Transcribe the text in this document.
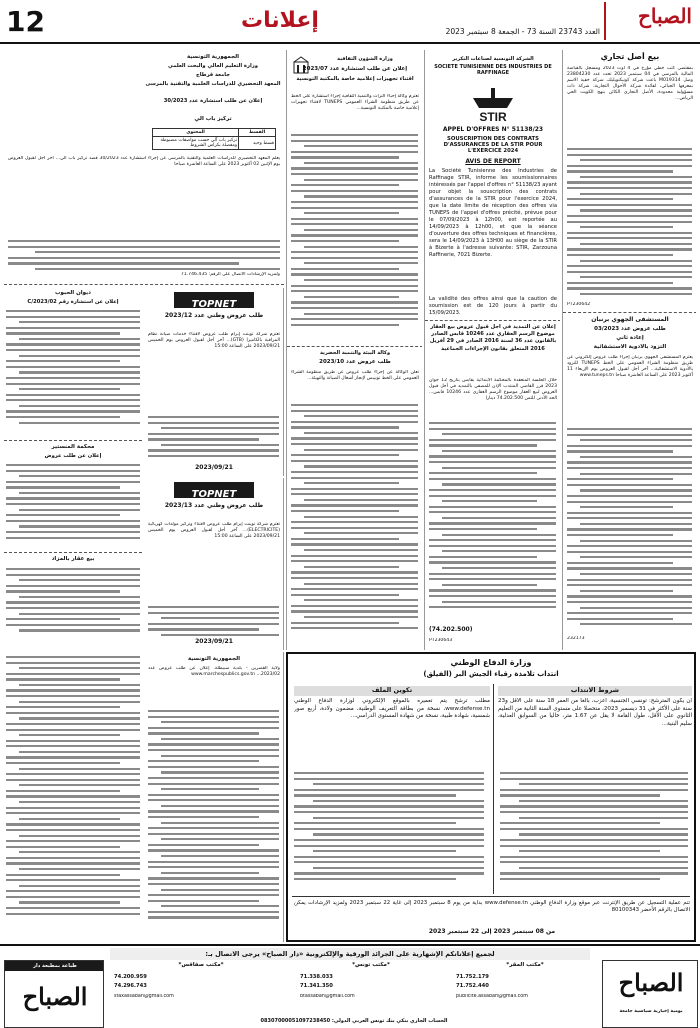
12	إعلانات	العدد 23743 السنة 73 - الجمعة 8 سبتمبر 2023
الصباح
بيع أصل تجاري
بمقتضى كتب خطي مؤرخ في 4 أوت 2023 ومسجل بالقباضة المالية بالمرسى في 04 سبتمبر 2023 تحت عدد 23804230 وصل M019314 باعت شركة كونيكتوبليك، شركة خفية الاسم بمعرفها الجبائي، لفائدة شركة الأحوال التجارية، شركة ذات مسؤولية محدودة، الأصل التجاري الكائن بنهج الكويت الحي الرياض...
PT230642
المستشفى الجهوي برنبان
طلب عروض عدد 03/2023
إعادة ثاني
التزود بالأدوية الاستشفائية
يعتزم المستشفى الجهوي برنبان إجراء طلب عروض إلكتروني عن طريق منظومة الشراء العمومي على الخط TUNEPS للتزود بالأدوية الاستشفائية... آخر أجل لقبول العروض يوم الإربعاء 11 أكتوبر 2023 على الساعة العاشرة صباحا www.tuneps.tn
232173
الشركة التونسية لصناعات التكرير
SOCIETE TUNISIENNE DES INDUSTRIES DE RAFFINAGE
STIR
APPEL D'OFFRES N° 51138/23
SOUSCRIPTION DES CONTRATS D'ASSURANCES DE LA STIR POUR L'EXERCICE 2024
AVIS DE REPORT
La Société Tunisienne des Industries de Raffinage STIR, informe les soumissionnaires intéressés par l'appel d'offres n° 51138/23 ayant pour objet la souscription des contrats d'assurances de la STIR pour l'exercice 2024, que la date limite de réception des offres via TUNEPS de l'appel d'offres précité, prévue pour le 07/09/2023 à 12h00, est reportée au 14/09/2023 à 12h00, et que la séance d'ouverture des offres techniques et financières, sera le 14/09/2023 à 13H00 au siège de la STIR à Bizerte à l'adresse suivante: STIR, Zarzouna Raffinerie, 7021 Bizerte.
La validité des offres ainsi que la caution de soumission est de 120 jours à partir du 15/09/2023.
إعلان عن التمديد في أجل قبول عروض بيع العقار موضوع الرسم العقاري عدد 10246 قابس الصادر بالقانون عدد 36 لسنة 2016 الصادر في 29 أفريل 2016 المتعلق بقانون الإجراءات الجماعية
خلال الجلسة المنعقدة بالمحكمة الابتدائية بقابس بتاريخ 12 جوان 2023 قرر القاضي المنتدب الإذن للمصفي بالتمديد في أجل قبول العروض لبيع العقار موضوع الرسم العقاري عدد 10246 قابس... الحد الأدنى للثمن 74.202.500 دينارا
(74.202.500)
PT230643
وزارة الشؤون الثقافية
إعلان عن طلب استشارة عدد 2023/07
اقتناء تجهيزات إعلامية خاصة بالمكتبة التونسية
تعتزم وكالة إحياء التراث والتنمية الثقافية إجراء استشارة على الخط عن طريق منظومة الشراء العمومي TUNEPS لاقتناء تجهيزات إعلامية خاصة بالمكتبة التونسية...
وكالة البيئة والتنمية الحضرية
طلب عروض عدد 2023/10
تعلن الوكالة عن إجراء طلب عروض عن طريق منظومة الشراء العمومي على الخط تونيبس لإنجاز أشغال الصيانة والتهيئة...
الجمهورية التونسية
وزارة التعليم العالي والبحث العلمي
جامعة قرطاج
المعهد التحضيري للدراسات العلمية والتقنية بالمرسى
إعلان عن طلب استشارة عدد 30/2023
تركيز باب آلي
القسط	المحتوى
قسط وحيد	تركيز باب آلي حسب مواصفات مضبوطة ومفصلة بكراس الشروط
يعلم المعهد التحضيري للدراسات العلمية والتقنية بالمرسى عن إجراء استشارة عدد 30/2023 قصد تركيز باب آلي... آخر أجل لقبول العروض يوم الإثنين 02 أكتوبر 2023 على الساعة العاشرة صباحا
ولمزيد الإرشادات الاتصال على الرقم: 71.746.435
TOPNET
طلب عروض وطني عدد 2023/12
تعتزم شركة توبنت إبرام طلب عروض لاقتناء خدمات صيانة نظام المراقبة بالكاميرا (GTB)... آخر أجل لقبول العروض يوم الخميس 2023/09/21 على الساعة 15:00
2023/09/21
TOPNET
طلب عروض وطني عدد 2023/13
تعتزم شركة توبنت إبرام طلب عروض لاقتناء وتركيز مولدات كهربائية (ELECTRICITE)... آخر أجل لقبول العروض يوم الخميس 2023/09/21 على الساعة 15:00
2023/09/21
ديوان الحبوب
إعلان عن استشارة رقم 2023/02/C
محكمة المنستير
إعلان عن طلب عروض
بيع عقار بالمزاد
وزارة الدفاع الوطني
انتداب تلامذة رقباء الجيش البر (الفيلق)
شروط الانتداب
أن يكون المترشح: تونسي الجنسية، أعزب، بالغا من العمر 18 سنة على الأقل و23 سنة على الأكثر في 31 ديسمبر 2023، متحصلا على مستوى السنة الثانية من التعليم الثانوي على الأقل، طول القامة لا يقل عن 1.67 متر، خاليا من السوابق العدلية، سليم البنية...
تكوين الملف
مطلب ترشح يتم تعميره بالموقع الإلكتروني لوزارة الدفاع الوطني www.defense.tn، نسخة من بطاقة التعريف الوطنية، مضمون ولادة، أربع صور شمسية، شهادة طبية، نسخة من شهادة المستوى الدراسي...
تتم عملية التسجيل عن طريق الإنترنت عبر موقع وزارة الدفاع الوطني www.defense.tn بداية من يوم 8 سبتمبر 2023 إلى غاية 22 سبتمبر 2023 ولمزيد الإرشادات يمكن الاتصال بالرقم الأخضر 80100343
من 08 سبتمبر 2023 إلى 22 سبتمبر 2023
الجمهورية التونسية
ولاية القصرين - بلدية سبيطلة. إعلان عن طلب عروض عدد 2023/02... www.marchespublics.gov.tn
لجميع إعلاناتكم الإشهارية على الجرائد الورقية والإلكترونية «دار الصباح» يرجى الاتصال بـ:
الصباح
يومية إخبارية سياسية جامعة
*مكتب المقر*
71.752.179
71.752.440
publicite.assabah@gmail.com
*مكتب تونس*
71.338.033
71.341.350
btassabah@gmail.com
*مكتب صفاقس*
74.200.959
74.296.743
sfaxassabah@gmail.com
الحساب الجاري بنكي بنك تونس العربي الدولي: 08307000051097238450
طباعة بمطبعة دار
الصباح
